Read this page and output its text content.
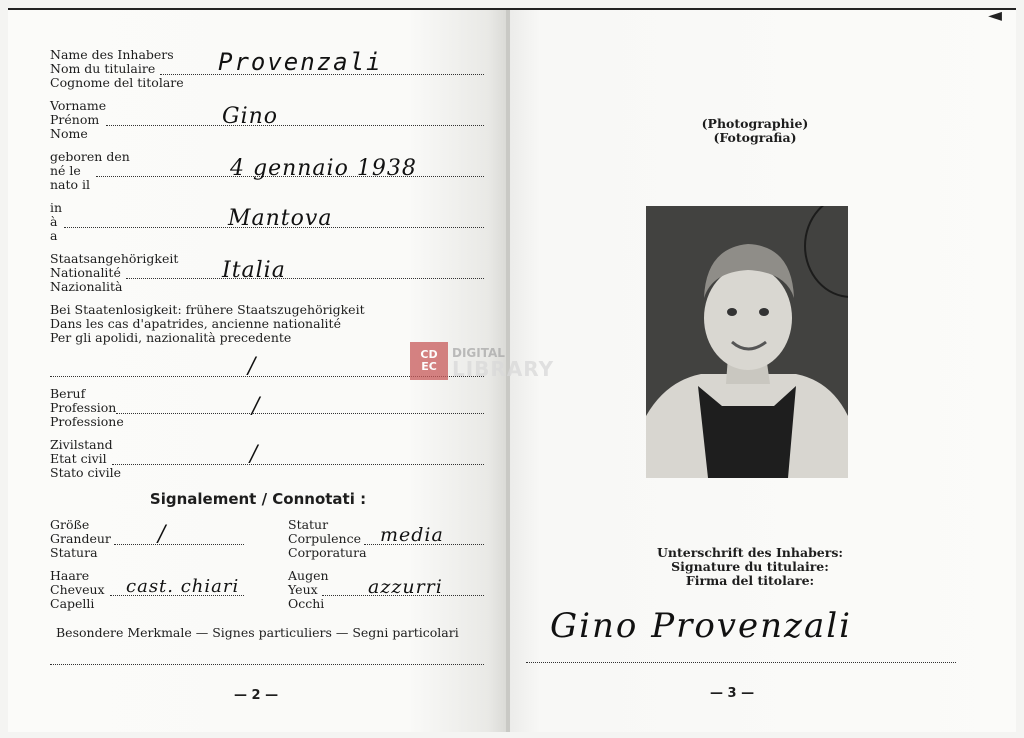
Name des Inhabers
Nom du titulaire
Cognome del titolare
Provenzali
Vorname
Prénom
Nome
Gino
geboren den
né le
nato il
4 gennaio 1938
in
à
a
Mantova
Staatsangehörigkeit
Nationalité
Nazionalità
Italia
Bei Staatenlosigkeit: frühere Staatszugehörigkeit
Dans les cas d'apatrides, ancienne nationalité
Per gli apolidi, nazionalità precedente
/
Beruf
Profession
Professione
/
Zivilstand
Etat civil
Stato civile
/
Signalement / Connotati :
Größe
Grandeur
Statura
/	Statur
Corpulence
Corporatura
media
Haare
Cheveux
Capelli
cast. chiari
Augen
Yeux
Occhi
azzurri
Besondere Merkmale — Signes particuliers — Segni particolari
— 2 —
(Photographie)
(Fotografia)
Unterschrift des Inhabers:
Signature du titulaire:
Firma del titolare:
Gino Provenzali
— 3 —
◄
CD
EC
DIGITAL
LIBRARY
